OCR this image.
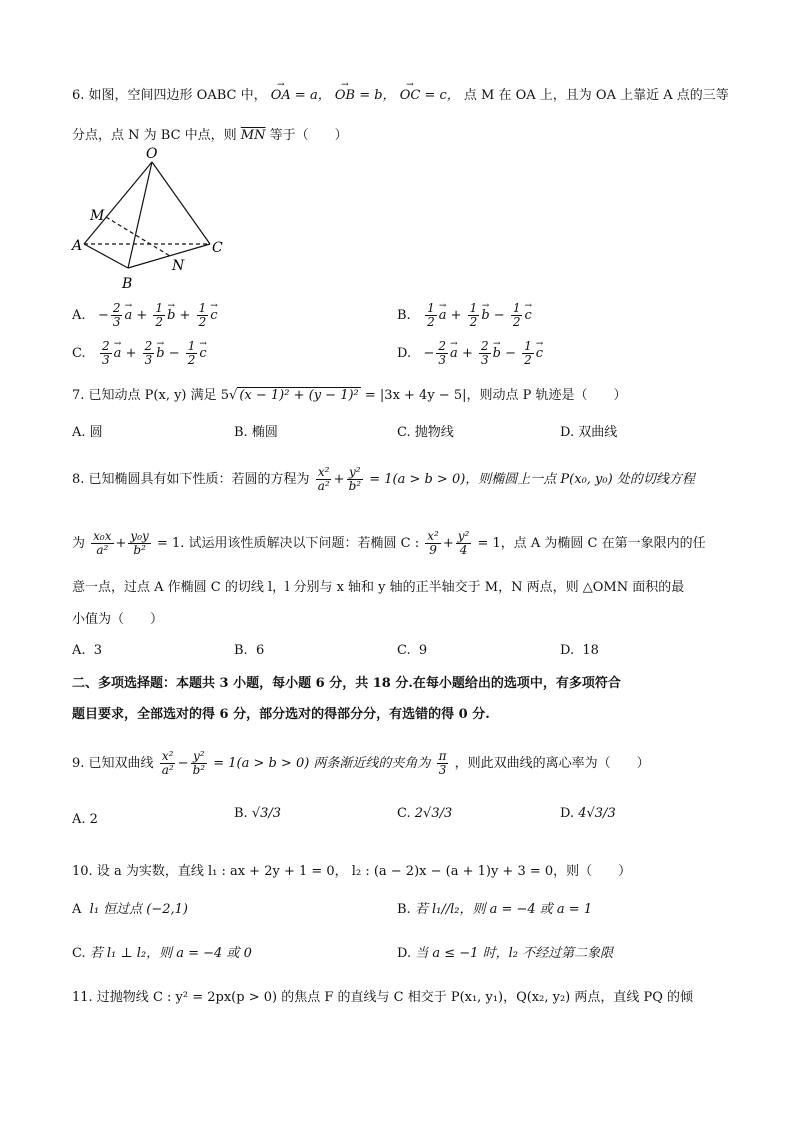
6. 如图，空间四边形 OABC 中， → OA = a， → OB = b， → OC = c， 点 M 在 OA 上，且为 OA 上靠近 A 点的三等
分点，点 N 为 BC 中点，则 $\overline{MN}$ 等于（　　）
O
M
A	C
N
B
A. − $\frac{2}{3} \to a + \frac{1}{2} \to b + \frac{1}{2} \to c$	B. $\frac{1}{2} \to a + \frac{1}{2} \to b - \frac{1}{2} \to c$
C. $\frac{2}{3} \to a + \frac{2}{3} \to b - \frac{1}{2} \to c$	D. − $\frac{2}{3} \to a + \frac{2}{3} \to b - \frac{1}{2} \to c$
7. 已知动点 P(x, y) 满足 5√ (x − 1)² + (y − 1)² = |3x + 4y − 5|，则动点 P 轨迹是（　　）
A. 圆	B. 椭圆	C. 抛物线	D. 双曲线
8. 已知椭圆具有如下性质：若圆的方程为 $\frac{\text{x²}}{\text{a²}} + \frac{\text{y²}}{\text{b²}} = 1(a > b > 0)$，则椭圆上一点 P(x₀, y₀) 处的切线方程
为 $\frac{\text{x₀x}}{\text{a²}} + \frac{\text{y₀y}}{\text{b²}} = 1$. 试运用该性质解决以下问题：若椭圆 C : $\frac{\text{x²}}{9} + \frac{\text{y²}}{4} = 1$，点 A 为椭圆 C 在第一象限内的任
意一点，过点 A 作椭圆 C 的切线 l，l 分别与 x 轴和 y 轴的正半轴交于 M，N 两点，则 △OMN 面积的最
小值为（　　）
A. 3	B. 6	C. 9	D. 18
二、多项选择题：本题共 3 小题，每小题 6 分，共 18 分.在每小题给出的选项中，有多项符合
题目要求，全部选对的得 6 分，部分选对的得部分分，有选错的得 0 分.
9. 已知双曲线 $\frac{\text{x²}}{\text{a²}} - \frac{\text{y²}}{\text{b²}} = 1(a > b > 0)$ 两条渐近线的夹角为 $\frac{\pi}{3}$ ，则此双曲线的离心率为（　　）
A. 2	B. √3/3	C. 2√3/3	D. 4√3/3
10. 设 a 为实数，直线 l₁ : ax + 2y + 1 = 0， l₂ : (a − 2)x − (a + 1)y + 3 = 0，则（　　）
A l₁ 恒过点 (−2,1)	B. 若 l₁//l₂，则 a = −4 或 a = 1
C. 若 l₁ ⊥ l₂，则 a = −4 或 0	D. 当 a ≤ −1 时，l₂ 不经过第二象限
11. 过抛物线 C : y² = 2px(p > 0) 的焦点 F 的直线与 C 相交于 P(x₁, y₁)，Q(x₂, y₂) 两点，直线 PQ 的倾
